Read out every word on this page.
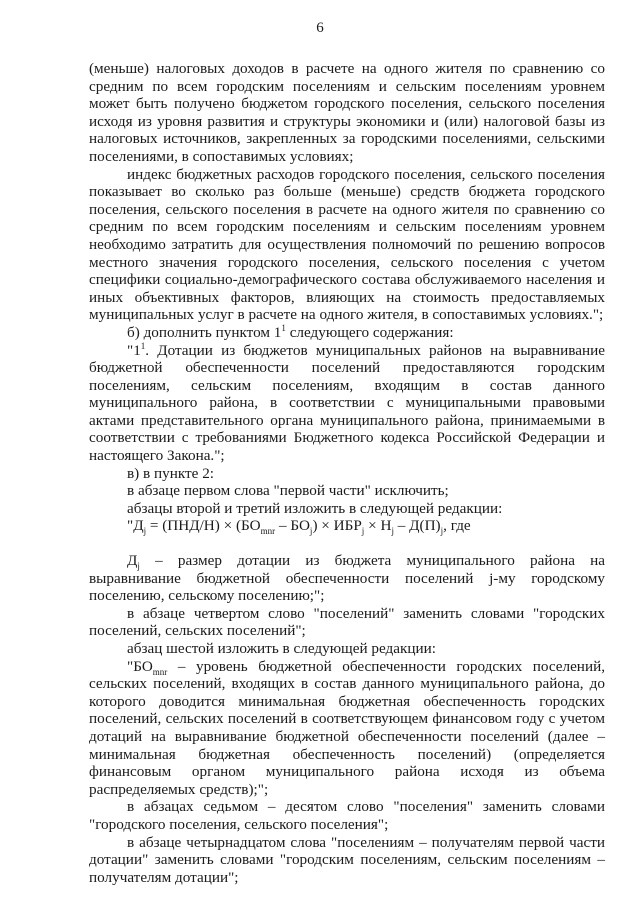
6

(меньше) налоговых доходов в расчете на одного жителя по сравнению со средним по всем городским поселениям и сельским поселениям уровнем может быть получено бюджетом городского поселения, сельского поселения исходя из уровня развития и структуры экономики и (или) налоговой базы из налоговых источников, закрепленных за городскими поселениями, сельскими поселениями, в сопоставимых условиях;

индекс бюджетных расходов городского поселения, сельского поселения показывает во сколько раз больше (меньше) средств бюджета городского поселения, сельского поселения в расчете на одного жителя по сравнению со средним по всем городским поселениям и сельским поселениям уровнем необходимо затратить для осуществления полномочий по решению вопросов местного значения городского поселения, сельского поселения с учетом специфики социально-демографического состава обслуживаемого населения и иных объективных факторов, влияющих на стоимость предоставляемых муниципальных услуг в расчете на одного жителя, в сопоставимых условиях.";

б) дополнить пунктом $1^1$ следующего содержания:

"$1^1$. Дотации из бюджетов муниципальных районов на выравнивание бюджетной обеспеченности поселений предоставляются городским поселениям, сельским поселениям, входящим в состав данного муниципального района, в соответствии с муниципальными правовыми актами представительного органа муниципального района, принимаемыми в соответствии с требованиями Бюджетного кодекса Российской Федерации и настоящего Закона.";

в) в пункте 2:

в абзаце первом слова "первой части" исключить;

абзацы второй и третий изложить в следующей редакции:

"$Д_j = (ПНД/Н) \times (БО_{mnr} - БО_j) \times ИБР_j \times Н_j - Д(П)_j$, где

$Д_j$ – размер дотации из бюджета муниципального района на выравнивание бюджетной обеспеченности поселений j-му городскому поселению, сельскому поселению;";

в абзаце четвертом слово "поселений" заменить словами "городских поселений, сельских поселений";

абзац шестой изложить в следующей редакции:

"$БО_{mnr}$ – уровень бюджетной обеспеченности городских поселений, сельских поселений, входящих в состав данного муниципального района, до которого доводится минимальная бюджетная обеспеченность городских поселений, сельских поселений в соответствующем финансовом году с учетом дотаций на выравнивание бюджетной обеспеченности поселений (далее – минимальная бюджетная обеспеченность поселений) (определяется финансовым органом муниципального района исходя из объема распределяемых средств);";

в абзацах седьмом – десятом слово "поселения" заменить словами "городского поселения, сельского поселения";

в абзаце четырнадцатом слова "поселениям – получателям первой части дотации" заменить словами "городским поселениям, сельским поселениям – получателям дотации";
